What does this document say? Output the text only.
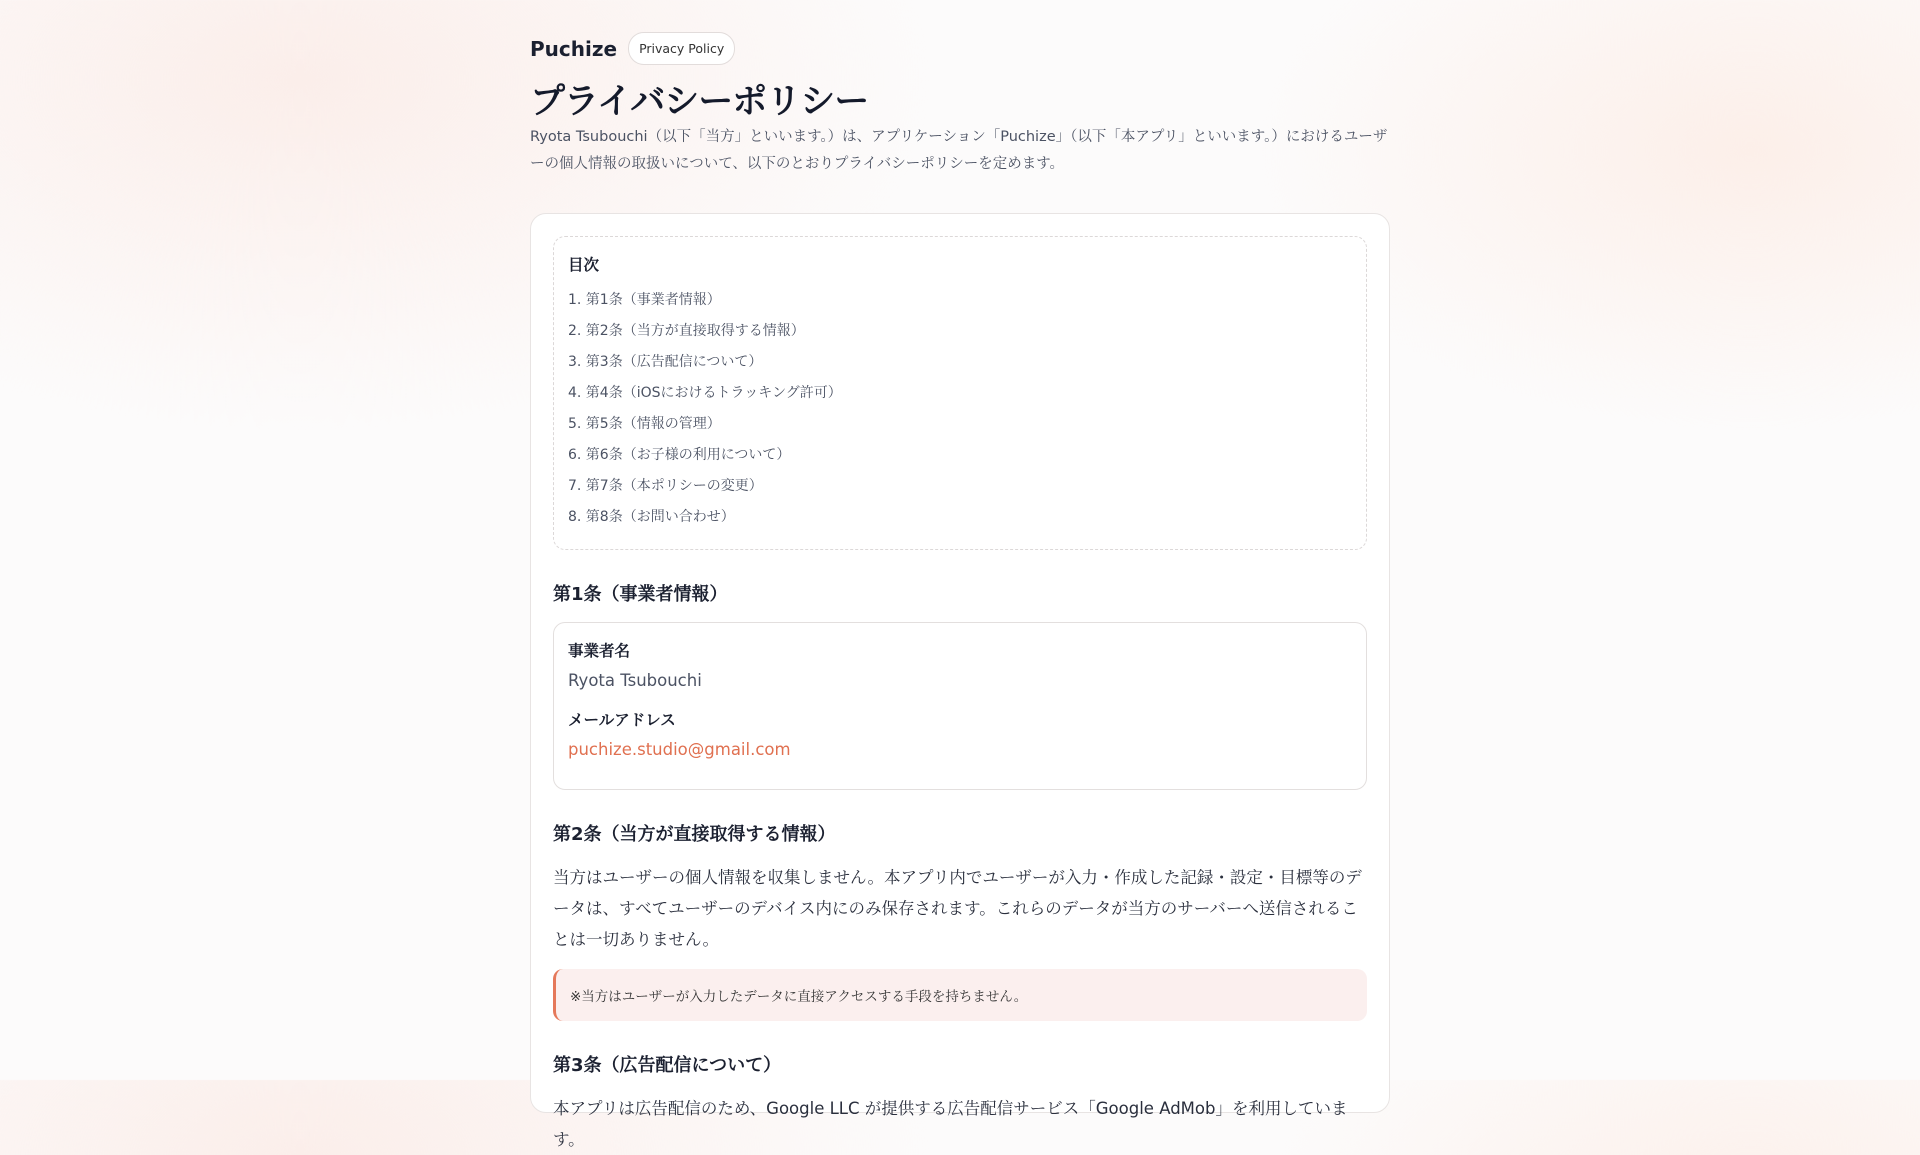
Puchize	Privacy Policy
プライバシーポリシー
Ryota Tsubouchi（以下「当方」といいます。）は、アプリケーション「Puchize」（以下「本アプリ」といいます。）におけるユーザーの個人情報の取扱いについて、以下のとおりプライバシーポリシーを定めます。
目次
1. 第1条（事業者情報）
2. 第2条（当方が直接取得する情報）
3. 第3条（広告配信について）
4. 第4条（iOSにおけるトラッキング許可）
5. 第5条（情報の管理）
6. 第6条（お子様の利用について）
7. 第7条（本ポリシーの変更）
8. 第8条（お問い合わせ）
第1条（事業者情報）
事業者名
Ryota Tsubouchi
メールアドレス
puchize.studio@gmail.com
第2条（当方が直接取得する情報）

当方はユーザーの個人情報を収集しません。本アプリ内でユーザーが入力・作成した記録・設定・目標等のデータは、すべてユーザーのデバイス内にのみ保存されます。これらのデータが当方のサーバーへ送信されることは一切ありません。

※当方はユーザーが入力したデータに直接アクセスする手段を持ちません。
第3条（広告配信について）

本アプリは広告配信のため、Google LLC が提供する広告配信サービス「Google AdMob」を利用しています。
